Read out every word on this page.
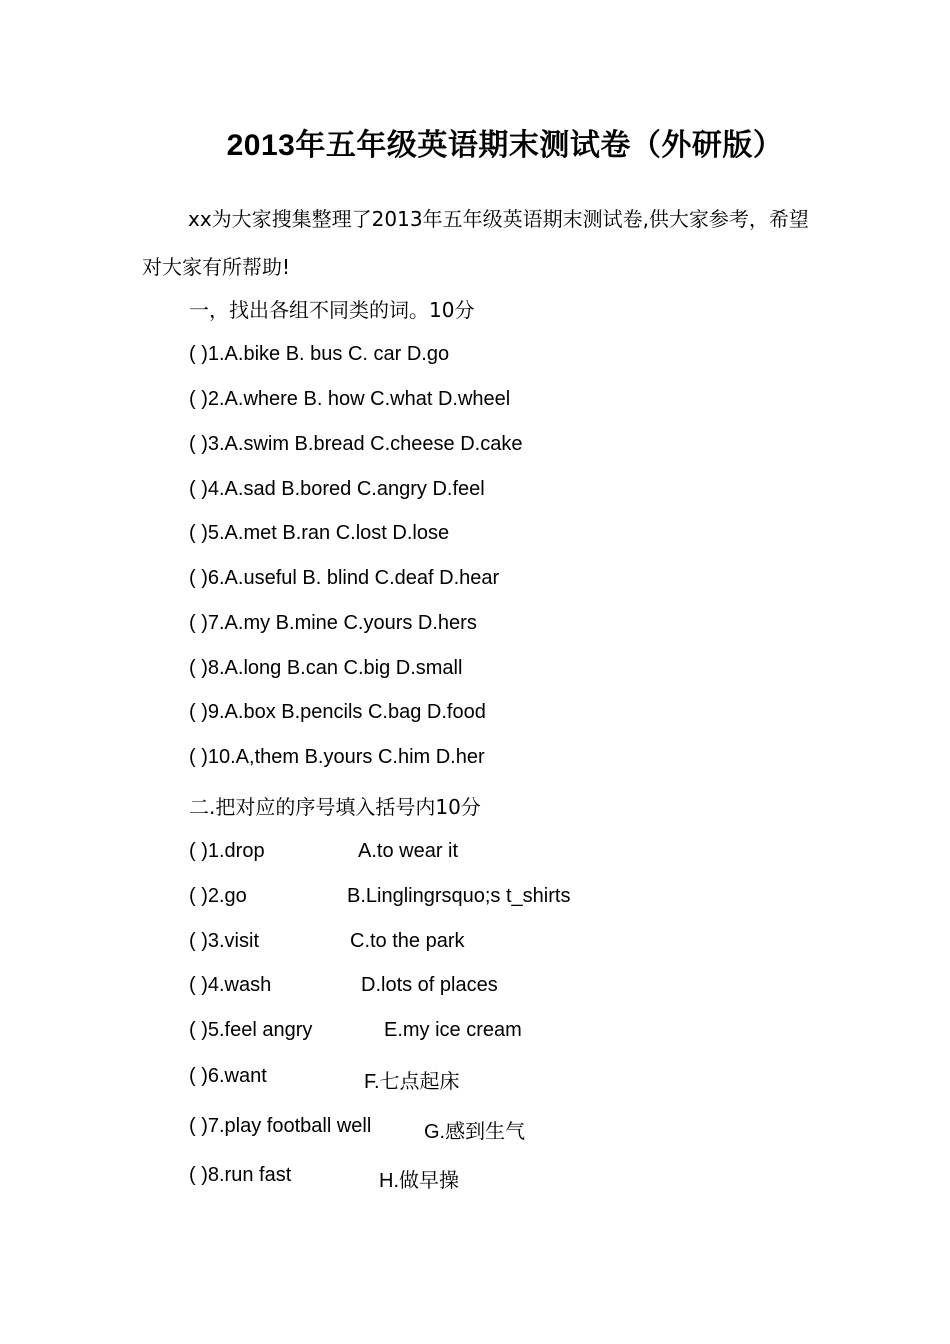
2013年五年级英语期末测试卷（外研版）
xx为大家搜集整理了2013年五年级英语期末测试卷,供大家参考，希望对大家有所帮助!
一，找出各组不同类的词。10分
( )1.A.bike B. bus C. car D.go
( )2.A.where B. how C.what D.wheel
( )3.A.swim B.bread C.cheese D.cake
( )4.A.sad B.bored C.angry D.feel
( )5.A.met B.ran C.lost D.lose
( )6.A.useful B. blind C.deaf D.hear
( )7.A.my B.mine C.yours D.hers
( )8.A.long B.can C.big D.small
( )9.A.box B.pencils C.bag D.food
( )10.A,them B.yours C.him D.her
二.把对应的序号填入括号内10分
( )1.drop	A.to wear it
( )2.go	B.Linglingrsquo;s t_shirts
( )3.visit	C.to the park
( )4.wash	D.lots of places
( )5.feel angry	E.my ice cream
( )6.want	F.七点起床
( )7.play football well	G.感到生气
( )8.run fast	H.做早操
